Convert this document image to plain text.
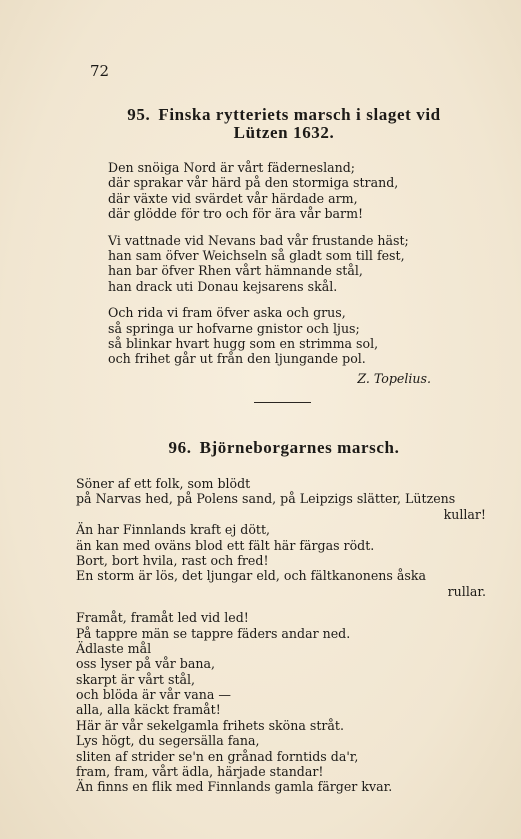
72
95. Finska rytteriets marsch i slaget vid
Lützen 1632.
Den snöiga Nord är vårt fädernesland;
där sprakar vår härd på den stormiga strand,
där växte vid svärdet vår härdade arm,
där glödde för tro och för ära vår barm!
Vi vattnade vid Nevans bad vår frustande häst;
han sam öfver Weichseln så gladt som till fest,
han bar öfver Rhen vårt hämnande stål,
han drack uti Donau kejsarens skål.
Och rida vi fram öfver aska och grus,
så springa ur hofvarne gnistor och ljus;
så blinkar hvart hugg som en strimma sol,
och frihet går ut från den ljungande pol.
Z. Topelius.
96. Björneborgarnes marsch.
Söner af ett folk, som blödt
på Narvas hed, på Polens sand, på Leipzigs slätter, Lützens
kullar!
Än har Finnlands kraft ej dött,
än kan med oväns blod ett fält här färgas rödt.
Bort, bort hvila, rast och fred!
En storm är lös, det ljungar eld, och fältkanonens åska
rullar.
Framåt, framåt led vid led!
På tappre män se tappre fäders andar ned.
Ädlaste mål
oss lyser på vår bana,
skarpt är vårt stål,
och blöda är vår vana —
alla, alla käckt framåt!
Här är vår sekelgamla frihets sköna stråt.
Lys högt, du segersälla fana,
sliten af strider se'n en grånad forntids da'r,
fram, fram, vårt ädla, härjade standar!
Än finns en flik med Finnlands gamla färger kvar.
